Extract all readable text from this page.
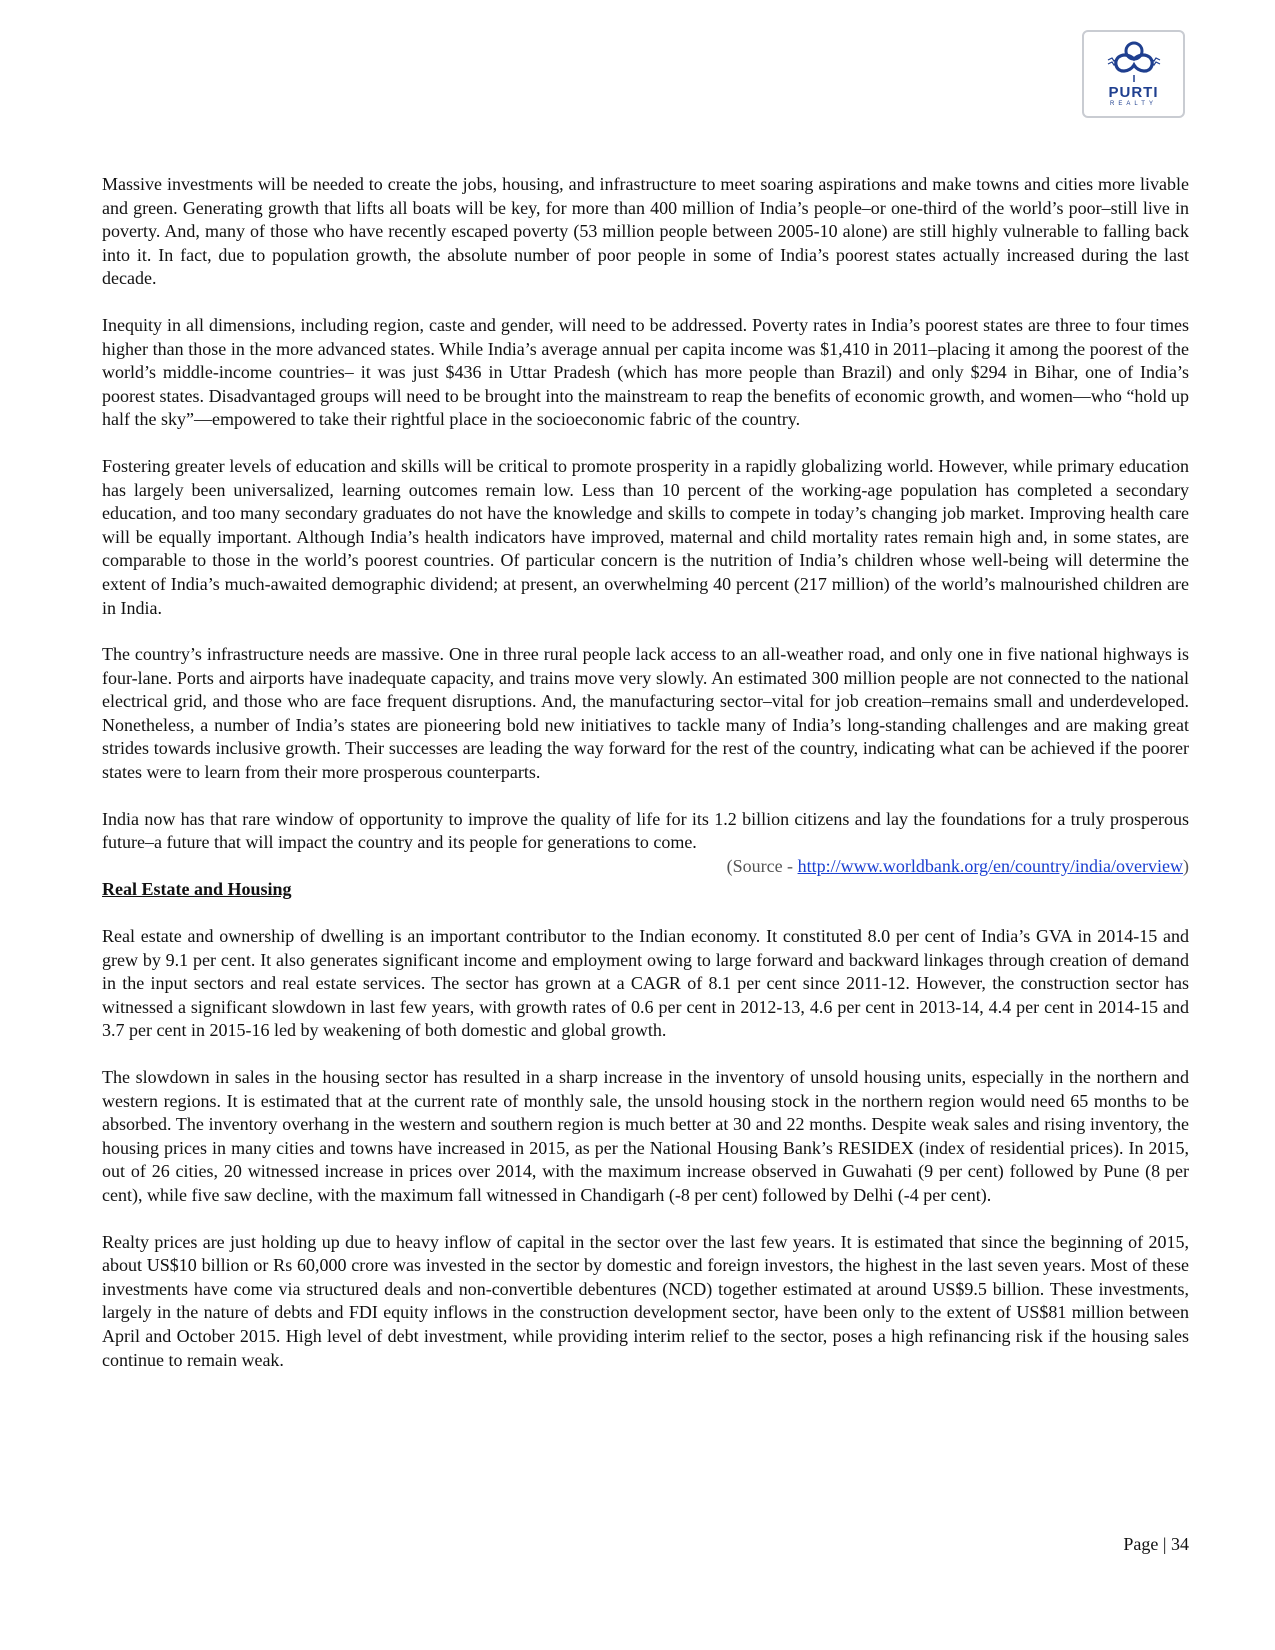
PURTI
REALTY

Massive investments will be needed to create the jobs, housing, and infrastructure to meet soaring aspirations and make towns and cities more livable and green. Generating growth that lifts all boats will be key, for more than 400 million of India’s people–or one-third of the world’s poor–still live in poverty. And, many of those who have recently escaped poverty (53 million people between 2005-10 alone) are still highly vulnerable to falling back into it. In fact, due to population growth, the absolute number of poor people in some of India’s poorest states actually increased during the last decade.

Inequity in all dimensions, including region, caste and gender, will need to be addressed. Poverty rates in India’s poorest states are three to four times higher than those in the more advanced states. While India’s average annual per capita income was $1,410 in 2011–placing it among the poorest of the world’s middle-income countries– it was just $436 in Uttar Pradesh (which has more people than Brazil) and only $294 in Bihar, one of India’s poorest states. Disadvantaged groups will need to be brought into the mainstream to reap the benefits of economic growth, and women—who “hold up half the sky”—empowered to take their rightful place in the socioeconomic fabric of the country.

Fostering greater levels of education and skills will be critical to promote prosperity in a rapidly globalizing world. However, while primary education has largely been universalized, learning outcomes remain low. Less than 10 percent of the working-age population has completed a secondary education, and too many secondary graduates do not have the knowledge and skills to compete in today’s changing job market. Improving health care will be equally important. Although India’s health indicators have improved, maternal and child mortality rates remain high and, in some states, are comparable to those in the world’s poorest countries. Of particular concern is the nutrition of India’s children whose well-being will determine the extent of India’s much-awaited demographic dividend; at present, an overwhelming 40 percent (217 million) of the world’s malnourished children are in India.

The country’s infrastructure needs are massive. One in three rural people lack access to an all-weather road, and only one in five national highways is four-lane. Ports and airports have inadequate capacity, and trains move very slowly. An estimated 300 million people are not connected to the national electrical grid, and those who are face frequent disruptions. And, the manufacturing sector–vital for job creation–remains small and underdeveloped. Nonetheless, a number of India’s states are pioneering bold new initiatives to tackle many of India’s long-standing challenges and are making great strides towards inclusive growth. Their successes are leading the way forward for the rest of the country, indicating what can be achieved if the poorer states were to learn from their more prosperous counterparts.

India now has that rare window of opportunity to improve the quality of life for its 1.2 billion citizens and lay the foundations for a truly prosperous future–a future that will impact the country and its people for generations to come.

(Source - http://www.worldbank.org/en/country/india/overview)
Real Estate and Housing

Real estate and ownership of dwelling is an important contributor to the Indian economy. It constituted 8.0 per cent of India’s GVA in 2014-15 and grew by 9.1 per cent. It also generates significant income and employment owing to large forward and backward linkages through creation of demand in the input sectors and real estate services. The sector has grown at a CAGR of 8.1 per cent since 2011-12. However, the construction sector has witnessed a significant slowdown in last few years, with growth rates of 0.6 per cent in 2012-13, 4.6 per cent in 2013-14, 4.4 per cent in 2014-15 and 3.7 per cent in 2015-16 led by weakening of both domestic and global growth.

The slowdown in sales in the housing sector has resulted in a sharp increase in the inventory of unsold housing units, especially in the northern and western regions. It is estimated that at the current rate of monthly sale, the unsold housing stock in the northern region would need 65 months to be absorbed. The inventory overhang in the western and southern region is much better at 30 and 22 months. Despite weak sales and rising inventory, the housing prices in many cities and towns have increased in 2015, as per the National Housing Bank’s RESIDEX (index of residential prices). In 2015, out of 26 cities, 20 witnessed increase in prices over 2014, with the maximum increase observed in Guwahati (9 per cent) followed by Pune (8 per cent), while five saw decline, with the maximum fall witnessed in Chandigarh (-8 per cent) followed by Delhi (-4 per cent).

Realty prices are just holding up due to heavy inflow of capital in the sector over the last few years. It is estimated that since the beginning of 2015, about US$10 billion or Rs 60,000 crore was invested in the sector by domestic and foreign investors, the highest in the last seven years. Most of these investments have come via structured deals and non-convertible debentures (NCD) together estimated at around US$9.5 billion. These investments, largely in the nature of debts and FDI equity inflows in the construction development sector, have been only to the extent of US$81 million between April and October 2015. High level of debt investment, while providing interim relief to the sector, poses a high refinancing risk if the housing sales continue to remain weak.

Page | 34
